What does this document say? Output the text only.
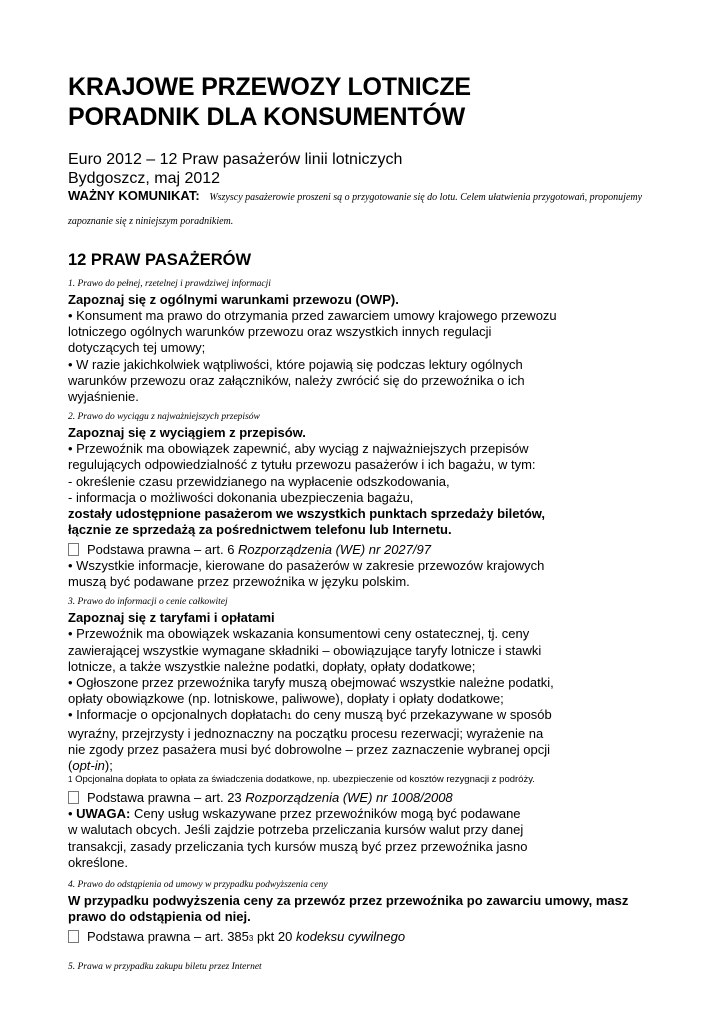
KRAJOWE PRZEWOZY LOTNICZE
PORADNIK DLA KONSUMENTÓW
Euro 2012 – 12 Praw pasażerów linii lotniczych
Bydgoszcz, maj 2012
WAŻNY KOMUNIKAT: Wszyscy pasażerowie proszeni są o przygotowanie się do lotu. Celem ułatwienia przygotowań, proponujemy
zapoznanie się z niniejszym poradnikiem.
12 PRAW PASAŻERÓW
1. Prawo do pełnej, rzetelnej i prawdziwej informacji
Zapoznaj się z ogólnymi warunkami przewozu (OWP).
• Konsument ma prawo do otrzymania przed zawarciem umowy krajowego przewozu
lotniczego ogólnych warunków przewozu oraz wszystkich innych regulacji
dotyczących tej umowy;
• W razie jakichkolwiek wątpliwości, które pojawią się podczas lektury ogólnych
warunków przewozu oraz załączników, należy zwrócić się do przewoźnika o ich
wyjaśnienie.
2. Prawo do wyciągu z najważniejszych przepisów
Zapoznaj się z wyciągiem z przepisów.
• Przewoźnik ma obowiązek zapewnić, aby wyciąg z najważniejszych przepisów
regulujących odpowiedzialność z tytułu przewozu pasażerów i ich bagażu, w tym:
- określenie czasu przewidzianego na wypłacenie odszkodowania,
- informacja o możliwości dokonania ubezpieczenia bagażu,
zostały udostępnione pasażerom we wszystkich punktach sprzedaży biletów,
łącznie ze sprzedażą za pośrednictwem telefonu lub Internetu.
Podstawa prawna – art. 6 Rozporządzenia (WE) nr 2027/97
• Wszystkie informacje, kierowane do pasażerów w zakresie przewozów krajowych
muszą być podawane przez przewoźnika w języku polskim.
3. Prawo do informacji o cenie całkowitej
Zapoznaj się z taryfami i opłatami
• Przewoźnik ma obowiązek wskazania konsumentowi ceny ostatecznej, tj. ceny
zawierającej wszystkie wymagane składniki – obowiązujące taryfy lotnicze i stawki
lotnicze, a także wszystkie należne podatki, dopłaty, opłaty dodatkowe;
• Ogłoszone przez przewoźnika taryfy muszą obejmować wszystkie należne podatki,
opłaty obowiązkowe (np. lotniskowe, paliwowe), dopłaty i opłaty dodatkowe;
• Informacje o opcjonalnych dopłatach1 do ceny muszą być przekazywane w sposób
wyraźny, przejrzysty i jednoznaczny na początku procesu rezerwacji; wyrażenie na
nie zgody przez pasażera musi być dobrowolne – przez zaznaczenie wybranej opcji
(opt-in);
1 Opcjonalna dopłata to opłata za świadczenia dodatkowe, np. ubezpieczenie od kosztów rezygnacji z podróży.
Podstawa prawna – art. 23 Rozporządzenia (WE) nr 1008/2008
• UWAGA: Ceny usług wskazywane przez przewoźników mogą być podawane
w walutach obcych. Jeśli zajdzie potrzeba przeliczania kursów walut przy danej
transakcji, zasady przeliczania tych kursów muszą być przez przewoźnika jasno
określone.
4. Prawo do odstąpienia od umowy w przypadku podwyższenia ceny
W przypadku podwyższenia ceny za przewóz przez przewoźnika po zawarciu umowy, masz
prawo do odstąpienia od niej.
Podstawa prawna – art. 3853 pkt 20 kodeksu cywilnego
5. Prawa w przypadku zakupu biletu przez Internet
